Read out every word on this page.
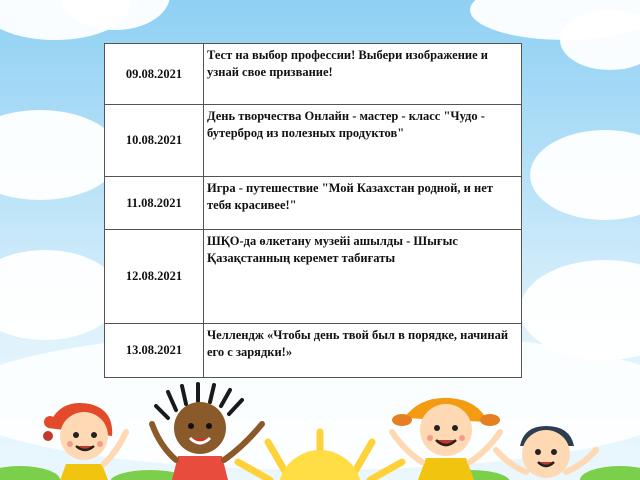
09.08.2021	Тест на выбор профессии! Выбери изображение и узнай свое призвание!
10.08.2021	День творчества Онлайн - мастер - класс "Чудо - бутерброд из полезных продуктов"
11.08.2021	Игра - путешествие "Мой Казахстан родной, и нет тебя красивее!"
12.08.2021	ШҚО-да өлкетану музейі ашылды - Шығыс Қазақстанның керемет табиғаты
13.08.2021	Челлендж «Чтобы день твой был в порядке, начинай его с зарядки!»
